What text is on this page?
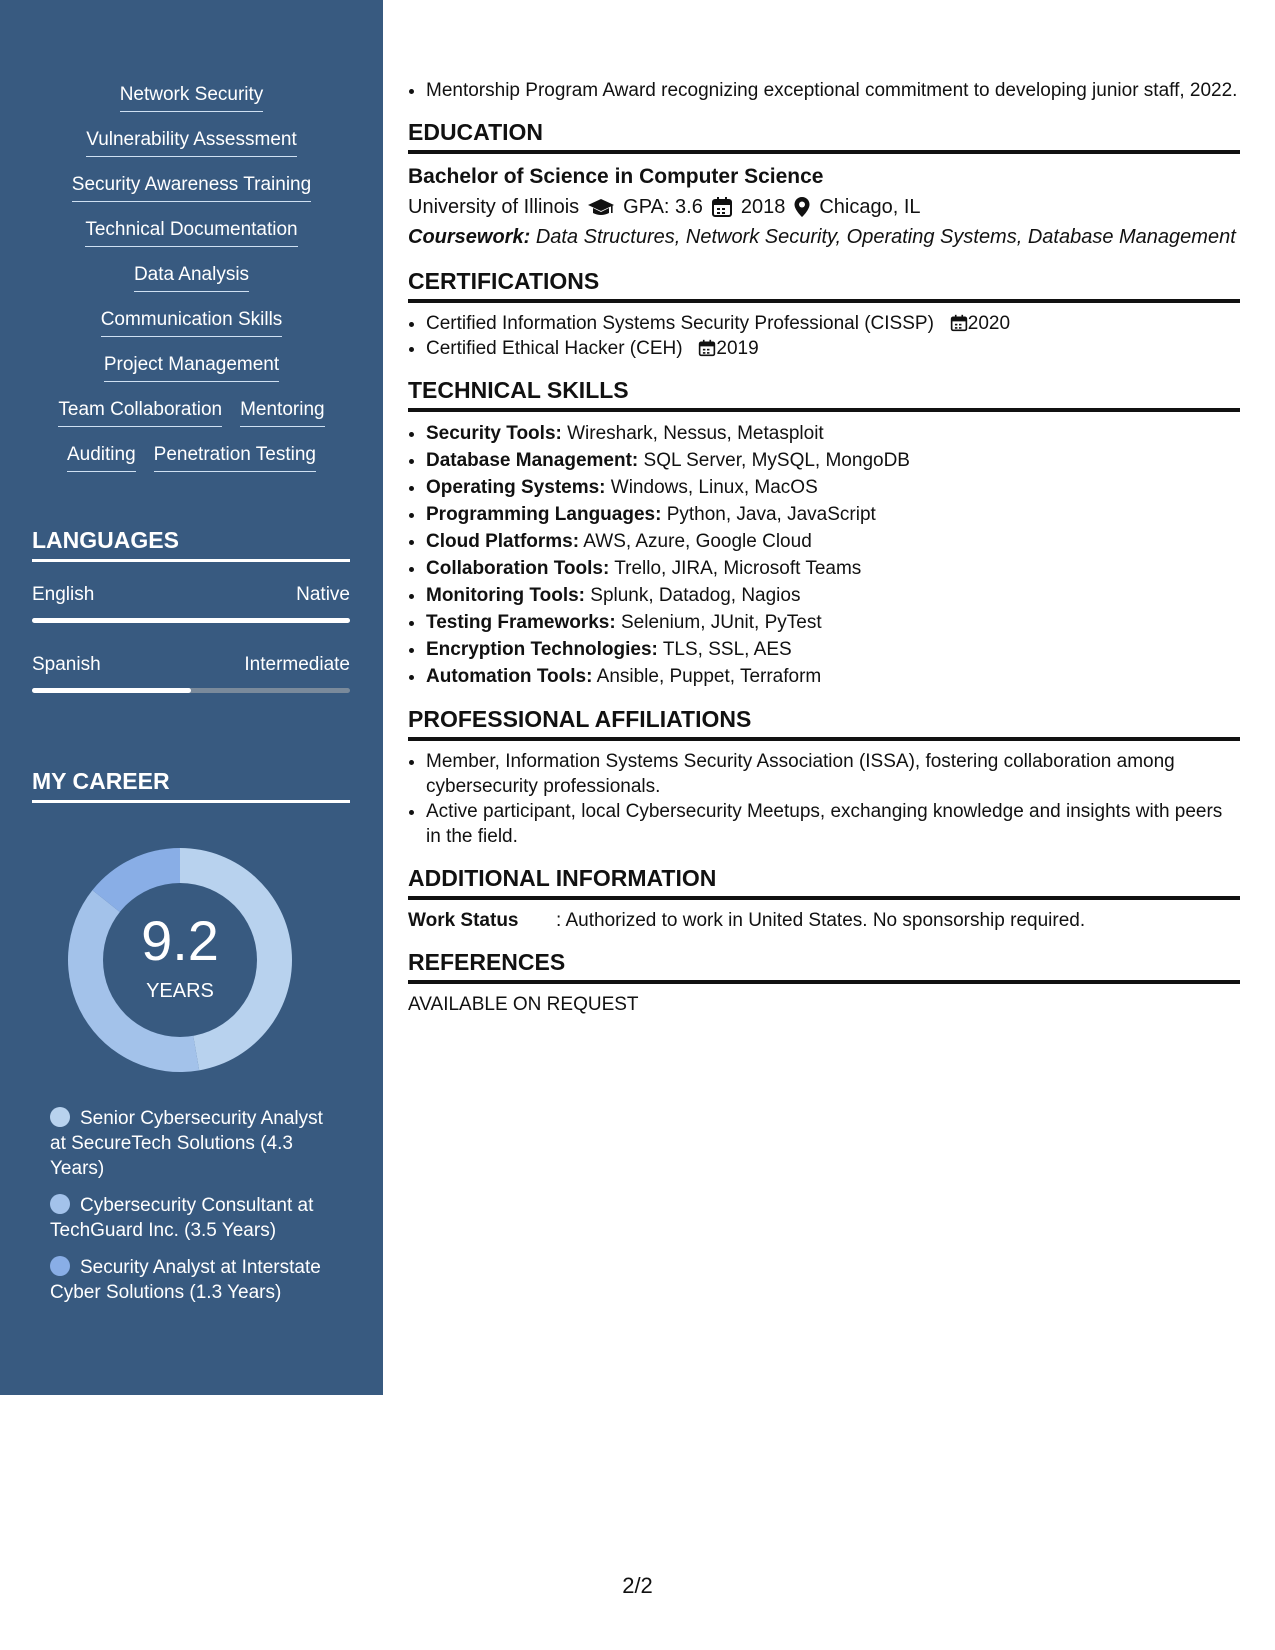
Network Security
Vulnerability Assessment
Security Awareness Training
Technical Documentation
Data Analysis
Communication Skills
Project Management
Team Collaboration Mentoring
Auditing Penetration Testing
LANGUAGES
English	Native
Spanish	Intermediate
MY CAREER
9.2
YEARS
Senior Cybersecurity Analyst at SecureTech Solutions (4.3 Years)
Cybersecurity Consultant at TechGuard Inc. (3.5 Years)
Security Analyst at Interstate Cyber Solutions (1.3 Years)
• Mentorship Program Award recognizing exceptional commitment to developing junior staff, 2022.
EDUCATION
Bachelor of Science in Computer Science
University of Illinois GPA: 3.6 2018 Chicago, IL
Coursework: Data Structures, Network Security, Operating Systems, Database Management
CERTIFICATIONS
• Certified Information Systems Security Professional (CISSP) 2020
• Certified Ethical Hacker (CEH) 2019
TECHNICAL SKILLS
• Security Tools: Wireshark, Nessus, Metasploit
• Database Management: SQL Server, MySQL, MongoDB
• Operating Systems: Windows, Linux, MacOS
• Programming Languages: Python, Java, JavaScript
• Cloud Platforms: AWS, Azure, Google Cloud
• Collaboration Tools: Trello, JIRA, Microsoft Teams
• Monitoring Tools: Splunk, Datadog, Nagios
• Testing Frameworks: Selenium, JUnit, PyTest
• Encryption Technologies: TLS, SSL, AES
• Automation Tools: Ansible, Puppet, Terraform
PROFESSIONAL AFFILIATIONS
• Member, Information Systems Security Association (ISSA), fostering collaboration among cybersecurity professionals.
• Active participant, local Cybersecurity Meetups, exchanging knowledge and insights with peers in the field.
ADDITIONAL INFORMATION
Work Status : Authorized to work in United States. No sponsorship required.
REFERENCES
AVAILABLE ON REQUEST
2/2
